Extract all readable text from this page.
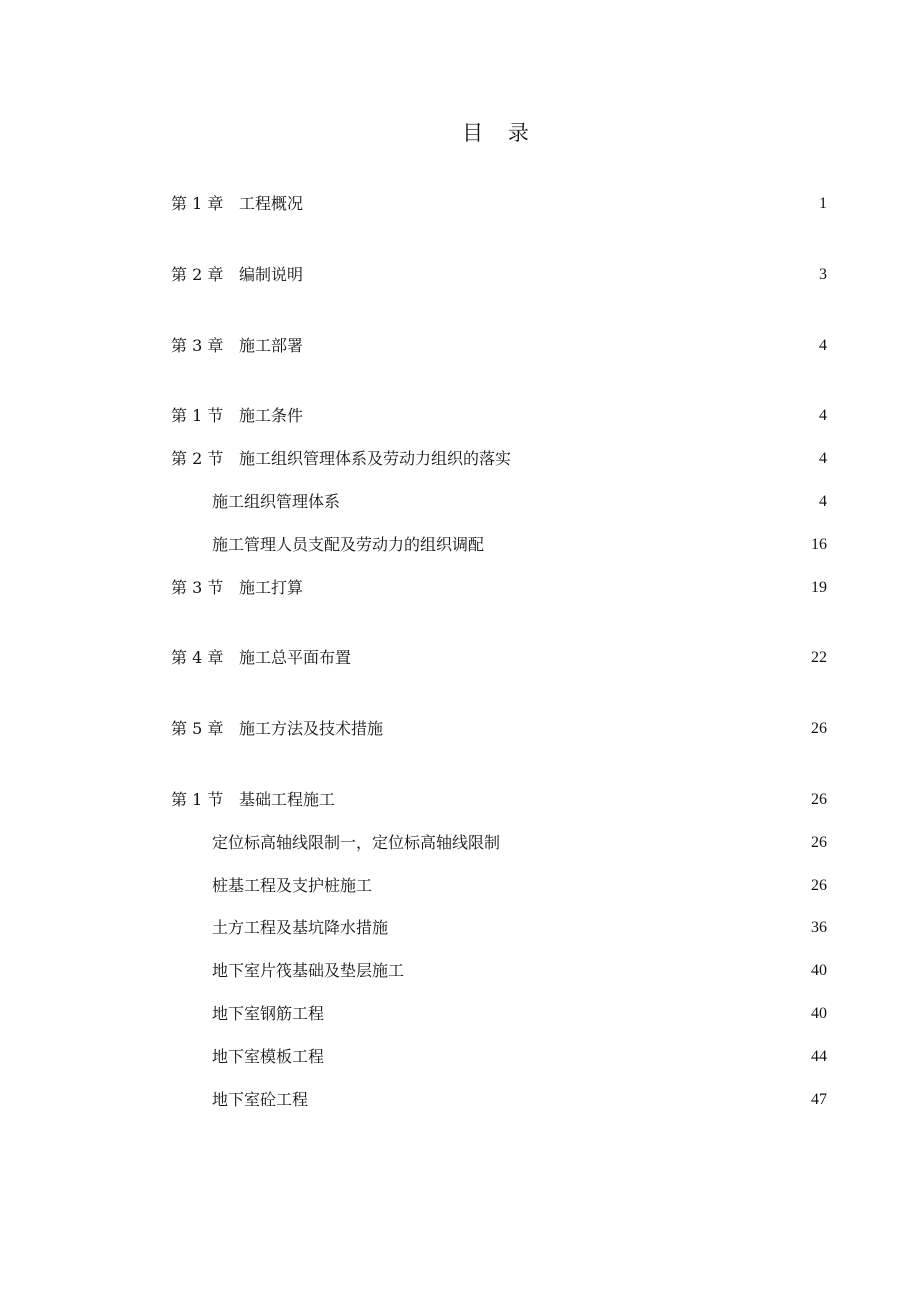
目 录
第 1 章 工程概况	1
第 2 章 编制说明	3
第 3 章 施工部署	4
第 1 节 施工条件	4
第 2 节 施工组织管理体系及劳动力组织的落实	4
施工组织管理体系	4
施工管理人员支配及劳动力的组织调配	16
第 3 节 施工打算	19
第 4 章 施工总平面布置	22
第 5 章 施工方法及技术措施	26
第 1 节 基础工程施工	26
定位标高轴线限制一，定位标高轴线限制	26
桩基工程及支护桩施工	26
土方工程及基坑降水措施	36
地下室片筏基础及垫层施工	40
地下室钢筋工程	40
地下室模板工程	44
地下室砼工程	47
